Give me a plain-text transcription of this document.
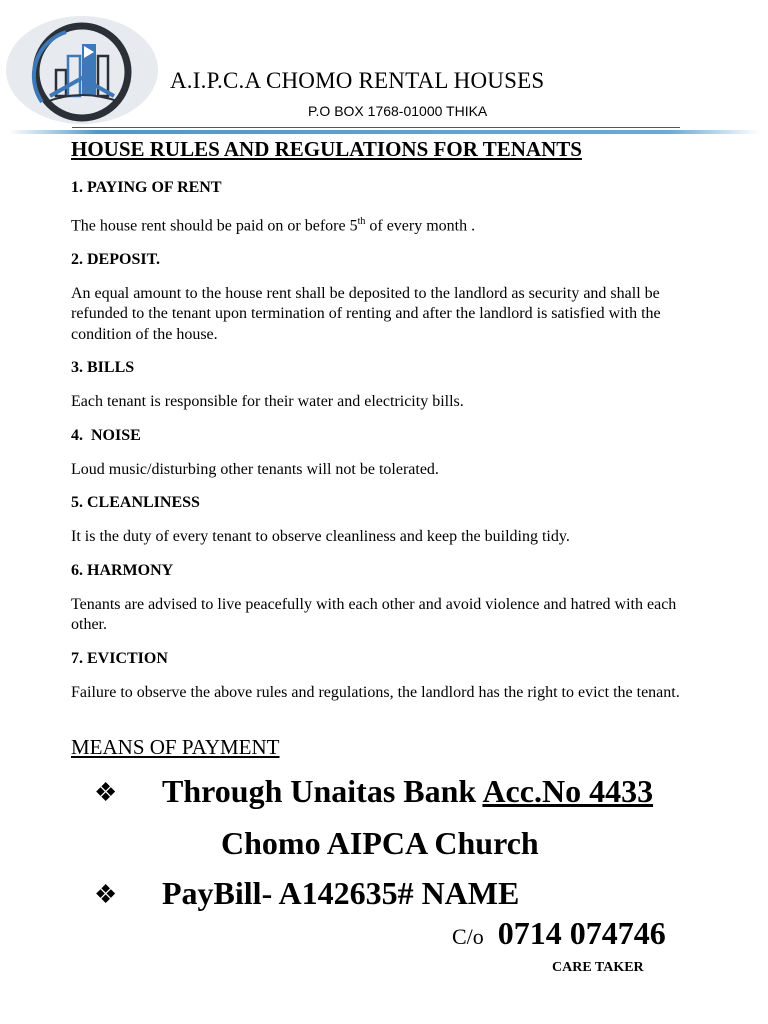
A.I.P.C.A CHOMO RENTAL HOUSES
P.O BOX 1768-01000 THIKA
HOUSE RULES AND REGULATIONS FOR TENANTS

1. PAYING OF RENT

The house rent should be paid on or before 5th of every month .

2. DEPOSIT.

An equal amount to the house rent shall be deposited to the landlord as security and shall be refunded to the tenant upon termination of renting and after the landlord is satisfied with the condition of the house.

3. BILLS

Each tenant is responsible for their water and electricity bills.

4.  NOISE

Loud music/disturbing other tenants will not be tolerated.

5. CLEANLINESS

It is the duty of every tenant to observe cleanliness and keep the building tidy.

6. HARMONY

Tenants are advised to live peacefully with each other and avoid violence and hatred with each other.

7. EVICTION

Failure to observe the above rules and regulations, the landlord has the right to evict the tenant.

MEANS OF PAYMENT
❖ Through Unaitas Bank Acc.No 4433
Chomo AIPCA Church
❖ PayBill- A142635# NAME
C/o 0714 074746
CARE TAKER
